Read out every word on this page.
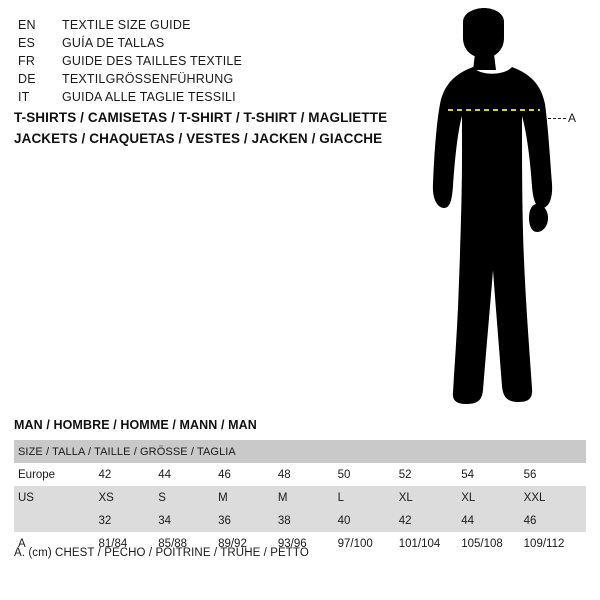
EN	TEXTILE SIZE GUIDE
ES	GUÍA DE TALLAS
FR	GUIDE DES TAILLES TEXTILE
DE	TEXTILGRÖSSENFÜHRUNG
IT	GUIDA ALLE TAGLIE TESSILI
T-SHIRTS / CAMISETAS / T-SHIRT / T-SHIRT / MAGLIETTE
JACKETS / CHAQUETAS / VESTES / JACKEN / GIACCHE
A
MAN / HOMBRE / HOMME / MANN / MAN
SIZE / TALLA / TAILLE / GRÖSSE / TAGLIA								
Europe	42	44	46	48	50	52	54	56
US	XS	S	M	M	L	XL	XL	XXL
	32	34	36	38	40	42	44	46
A	81/84	85/88	89/92	93/96	97/100	101/104	105/108	109/112
A. (cm) CHEST / PECHO / POITRINE / TRUHE / PETTO
